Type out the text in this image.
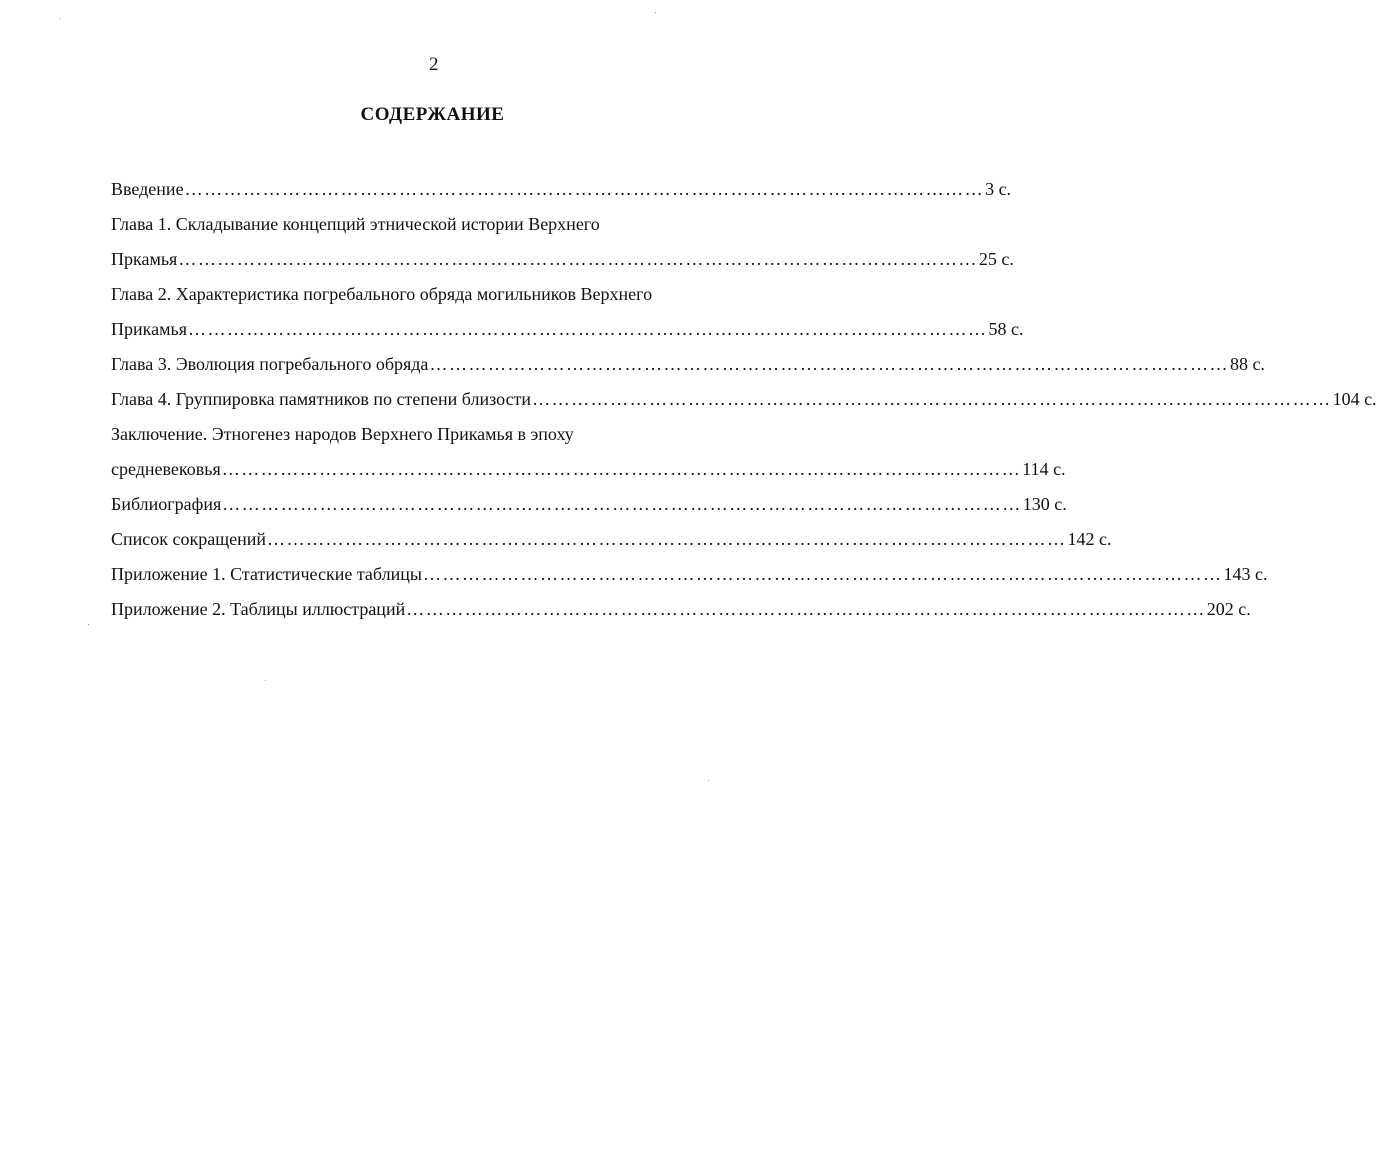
2
СОДЕРЖАНИЕ
Введение …………………………………………………………………………………………………………… 3 с.
Глава 1. Складывание концепций этнической истории Верхнего
Пркамья …………………………………………………………………………………………………………… 25 с.
Глава 2. Характеристика погребального обряда могильников Верхнего
Прикамья …………………………………………………………………………………………………………… 58 с.
Глава 3. Эволюция погребального обряда …………………………………………………………………………………………………………… 88 с.
Глава 4. Группировка памятников по степени близости …………………………………………………………………………………………………………… 104 с.
Заключение. Этногенез народов Верхнего Прикамья в эпоху
средневековья …………………………………………………………………………………………………………… 114 с.
Библиография …………………………………………………………………………………………………………… 130 с.
Список сокращений …………………………………………………………………………………………………………… 142 с.
Приложение 1. Статистические таблицы …………………………………………………………………………………………………………… 143 с.
Приложение 2. Таблицы иллюстраций …………………………………………………………………………………………………………… 202 с.
